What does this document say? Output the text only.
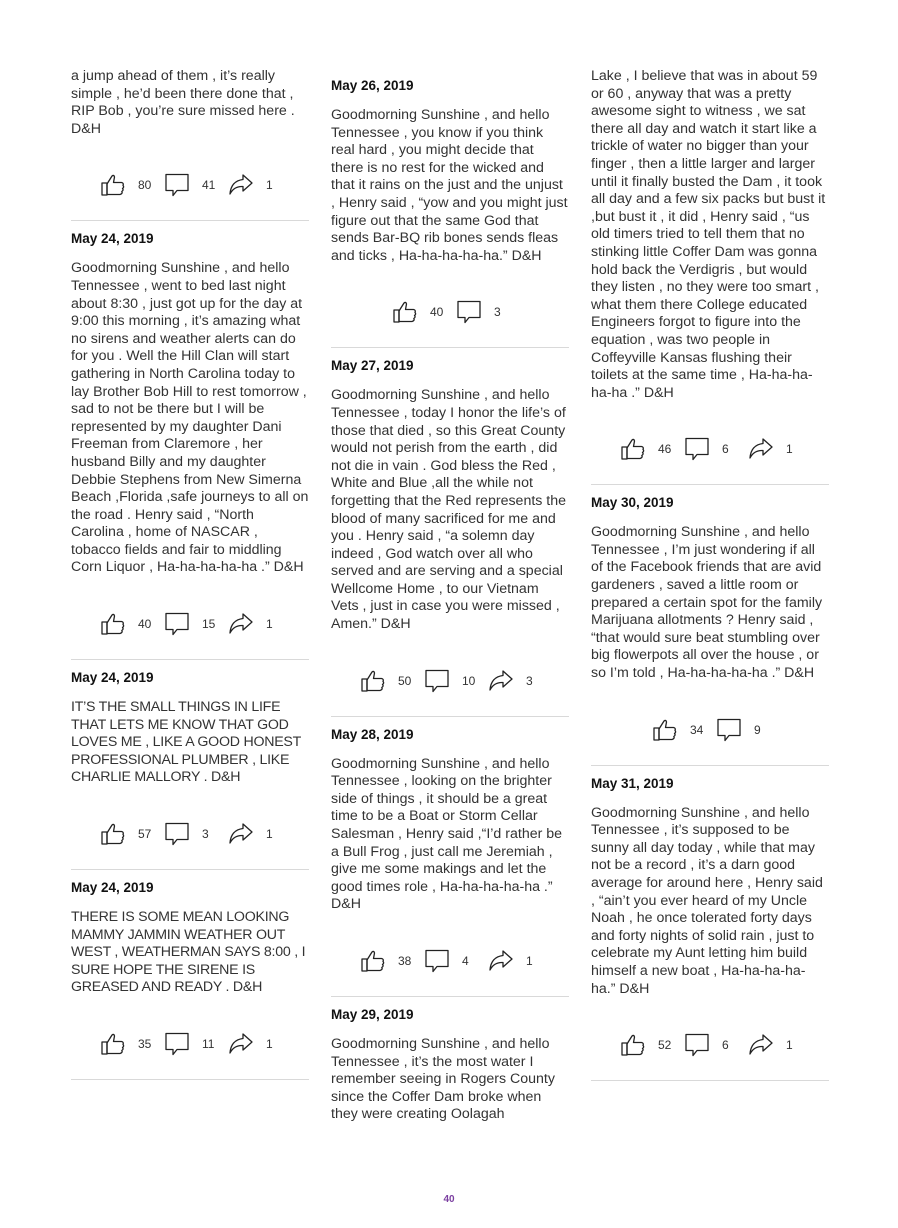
a jump ahead of them , it’s really simple , he’d been there done that , RIP Bob , you’re sure missed here . D&H
80	41	1
May 24, 2019
Goodmorning Sunshine , and hello Tennessee , went to bed last night about 8:30 , just got up for the day at 9:00 this morning , it’s amazing what no sirens and weather alerts can do for you . Well the Hill Clan will start gathering in North Carolina today to lay Brother Bob Hill to rest tomorrow , sad to not be there but I will be represented by my daughter Dani Freeman from Claremore , her husband Billy and my daughter Debbie Stephens from New Simerna Beach ,Florida ,safe journeys to all on the road . Henry said , “North Carolina , home of NASCAR , tobacco fields and fair to middling Corn Liquor , Ha-ha-ha-ha-ha .” D&H
40	15	1
May 24, 2019
IT’S THE SMALL THINGS IN LIFE THAT LETS ME KNOW THAT GOD LOVES ME , LIKE A GOOD HONEST PROFESSIONAL PLUMBER , LIKE CHARLIE MALLORY . D&H
57	3	1
May 24, 2019
THERE IS SOME MEAN LOOKING MAMMY JAMMIN WEATHER OUT WEST , WEATHERMAN SAYS 8:00 , I SURE HOPE THE SIRENE IS GREASED AND READY . D&H
35	11	1
May 26, 2019
Goodmorning Sunshine , and hello Tennessee , you know if you think real hard , you might decide that there is no rest for the wicked and that it rains on the just and the unjust , Henry said , “yow and you might just figure out that the same God that sends Bar-BQ rib bones sends fleas and ticks , Ha-ha-ha-ha-ha.” D&H
40	3
May 27, 2019
Goodmorning Sunshine , and hello Tennessee , today I honor the life’s of those that died , so this Great County would not perish from the earth , did not die in vain . God bless the Red , White and Blue ,all the while not forgetting that the Red represents the blood of many sacrificed for me and you . Henry said , “a solemn day indeed , God watch over all who served and are serving and a special Wellcome Home , to our Vietnam Vets , just in case you were missed , Amen.” D&H
50	10	3
May 28, 2019
Goodmorning Sunshine , and hello Tennessee , looking on the brighter side of things , it should be a great time to be a Boat or Storm Cellar Salesman , Henry said ,“I’d rather be a Bull Frog , just call me Jeremiah , give me some makings and let the good times role , Ha-ha-ha-ha-ha .” D&H
38	4	1
May 29, 2019
Goodmorning Sunshine , and hello Tennessee , it’s the most water I remember seeing in Rogers County since the Coffer Dam broke when they were creating Oolagah
Lake , I believe that was in about 59 or 60 , anyway that was a pretty awesome sight to witness , we sat there all day and watch it start like a trickle of water no bigger than your finger , then a little larger and larger until it finally busted the Dam , it took all day and a few six packs but bust it ,but bust it , it did , Henry said , “us old timers tried to tell them that no stinking little Coffer Dam was gonna hold back the Verdigris , but would they listen , no they were too smart , what them there College educated Engineers forgot to figure into the equation , was two people in Coffeyville Kansas flushing their toilets at the same time , Ha-ha-ha-ha-ha .” D&H
46	6	1
May 30, 2019
Goodmorning Sunshine , and hello Tennessee , I’m just wondering if all of the Facebook friends that are avid gardeners , saved a little room or prepared a certain spot for the family Marijuana allotments ? Henry said , “that would sure beat stumbling over big flowerpots all over the house , or so I’m told , Ha-ha-ha-ha-ha .” D&H
34	9
May 31, 2019
Goodmorning Sunshine , and hello Tennessee , it’s supposed to be sunny all day today , while that may not be a record , it’s a darn good average for around here , Henry said , “ain’t you ever heard of my Uncle Noah , he once tolerated forty days and forty nights of solid rain , just to celebrate my Aunt letting him build himself a new boat , Ha-ha-ha-ha-ha.” D&H
52	6	1
40
